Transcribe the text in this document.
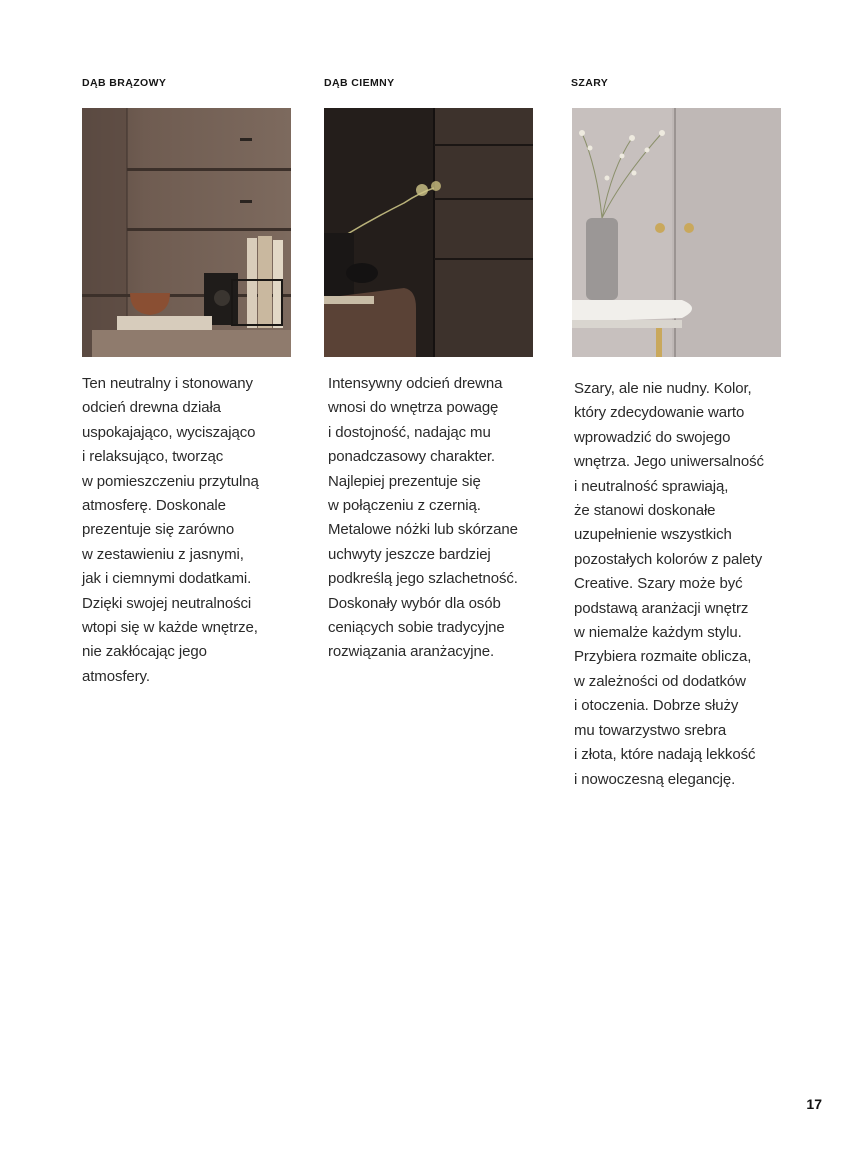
DĄB BRĄZOWY
Ten neutralny i stonowany
odcień drewna działa
uspokajająco, wyciszająco
i relaksująco, tworząc
w pomieszczeniu przytulną
atmosferę. Doskonale
prezentuje się zarówno
w zestawieniu z jasnymi,
jak i ciemnymi dodatkami.
Dzięki swojej neutralności
wtopi się w każde wnętrze,
nie zakłócając jego
atmosfery.
DĄB CIEMNY
Intensywny odcień drewna
wnosi do wnętrza powagę
i dostojność, nadając mu
ponadczasowy charakter.
Najlepiej prezentuje się
w połączeniu z czernią.
Metalowe nóżki lub skórzane
uchwyty jeszcze bardziej
podkreślą jego szlachetność.
Doskonały wybór dla osób
ceniących sobie tradycyjne
rozwiązania aranżacyjne.
SZARY
Szary, ale nie nudny. Kolor,
który zdecydowanie warto
wprowadzić do swojego
wnętrza. Jego uniwersalność
i neutralność sprawiają,
że stanowi doskonałe
uzupełnienie wszystkich
pozostałych kolorów z palety
Creative. Szary może być
podstawą aranżacji wnętrz
w niemalże każdym stylu.
Przybiera rozmaite oblicza,
w zależności od dodatków
i otoczenia. Dobrze służy
mu towarzystwo srebra
i złota, które nadają lekkość
i nowoczesną elegancję.
17
